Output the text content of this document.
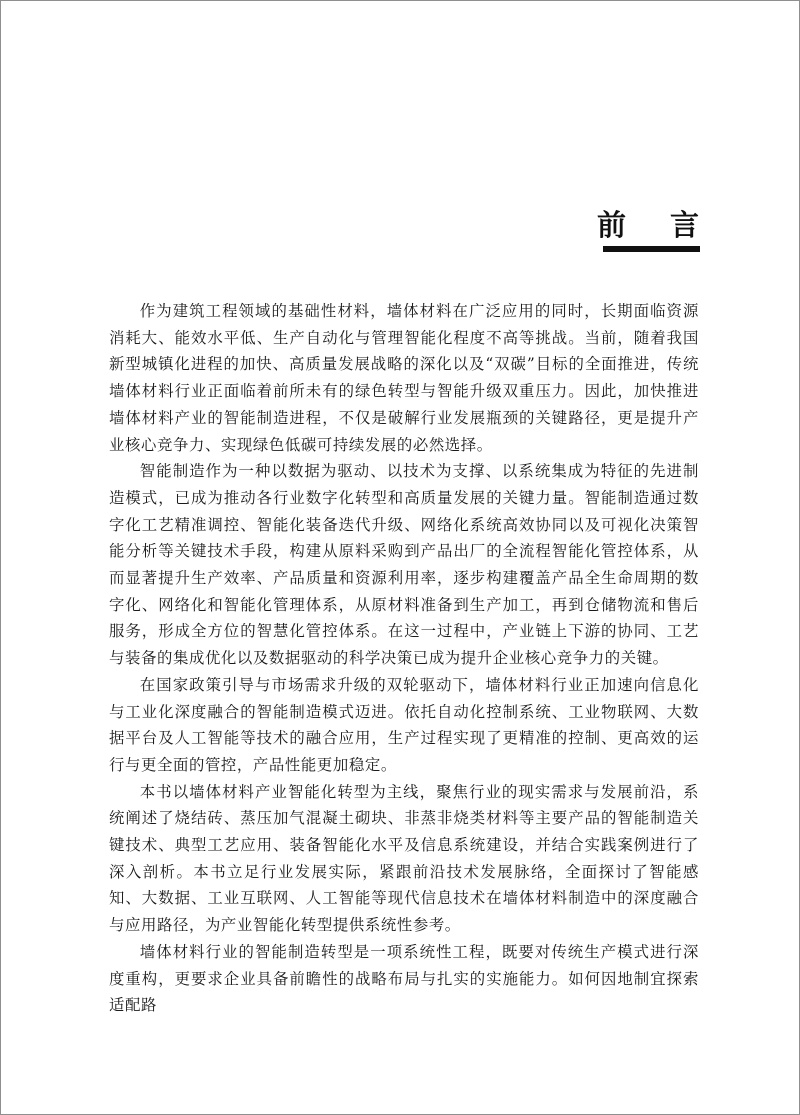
前 言

作为建筑工程领域的基础性材料，墙体材料在广泛应用的同时，长期面临资源消耗大、能效水平低、生产自动化与管理智能化程度不高等挑战。当前，随着我国新型城镇化进程的加快、高质量发展战略的深化以及“双碳”目标的全面推进，传统墙体材料行业正面临着前所未有的绿色转型与智能升级双重压力。因此，加快推进墙体材料产业的智能制造进程，不仅是破解行业发展瓶颈的关键路径，更是提升产业核心竞争力、实现绿色低碳可持续发展的必然选择。

智能制造作为一种以数据为驱动、以技术为支撑、以系统集成为特征的先进制造模式，已成为推动各行业数字化转型和高质量发展的关键力量。智能制造通过数字化工艺精准调控、智能化装备迭代升级、网络化系统高效协同以及可视化决策智能分析等关键技术手段，构建从原料采购到产品出厂的全流程智能化管控体系，从而显著提升生产效率、产品质量和资源利用率，逐步构建覆盖产品全生命周期的数字化、网络化和智能化管理体系，从原材料准备到生产加工，再到仓储物流和售后服务，形成全方位的智慧化管控体系。在这一过程中，产业链上下游的协同、工艺与装备的集成优化以及数据驱动的科学决策已成为提升企业核心竞争力的关键。

在国家政策引导与市场需求升级的双轮驱动下，墙体材料行业正加速向信息化与工业化深度融合的智能制造模式迈进。依托自动化控制系统、工业物联网、大数据平台及人工智能等技术的融合应用，生产过程实现了更精准的控制、更高效的运行与更全面的管控，产品性能更加稳定。

本书以墙体材料产业智能化转型为主线，聚焦行业的现实需求与发展前沿，系统阐述了烧结砖、蒸压加气混凝土砌块、非蒸非烧类材料等主要产品的智能制造关键技术、典型工艺应用、装备智能化水平及信息系统建设，并结合实践案例进行了深入剖析。本书立足行业发展实际，紧跟前沿技术发展脉络，全面探讨了智能感知、大数据、工业互联网、人工智能等现代信息技术在墙体材料制造中的深度融合与应用路径，为产业智能化转型提供系统性参考。

墙体材料行业的智能制造转型是一项系统性工程，既要对传统生产模式进行深度重构，更要求企业具备前瞻性的战略布局与扎实的实施能力。如何因地制宜探索适配路
